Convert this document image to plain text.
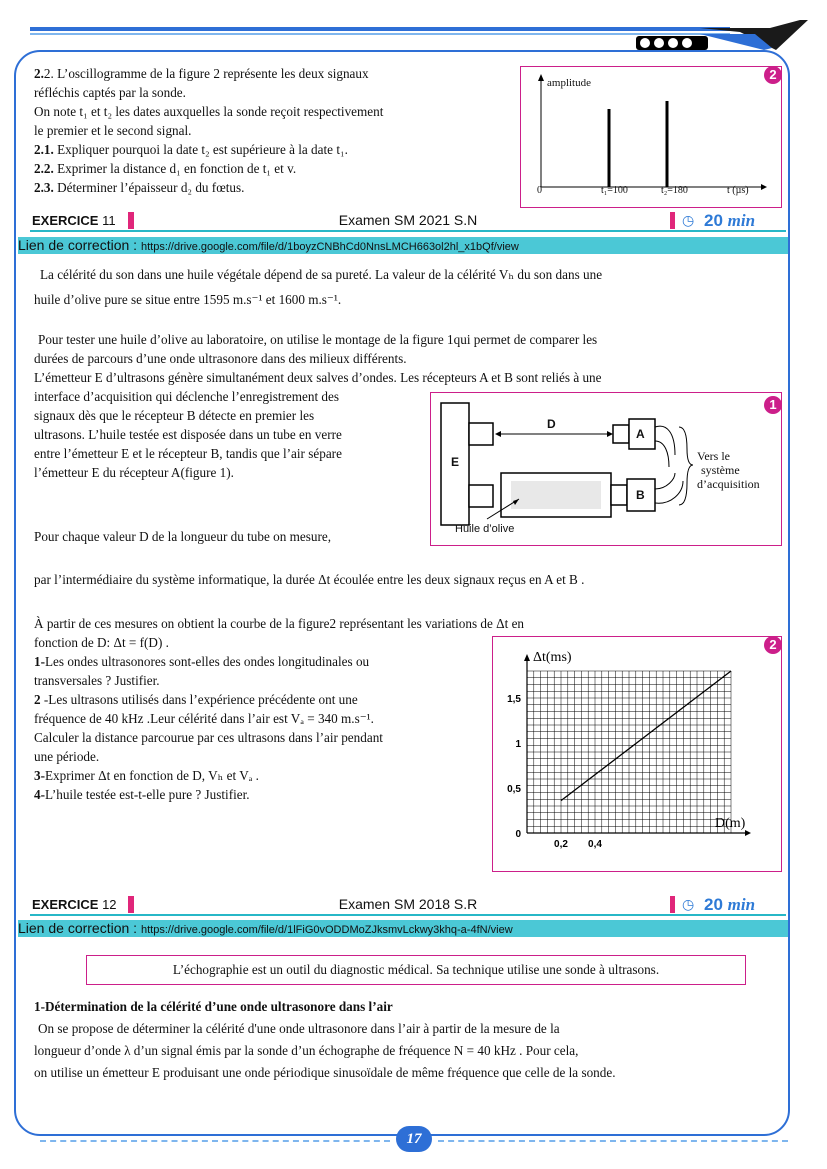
2.2. L’oscillogramme de la figure 2 représente les deux signaux

réfléchis captés par la sonde.

On note t₁ et t₂ les dates auxquelles la sonde reçoit respectivement

le premier et le second signal.

2.1. Expliquer pourquoi la date t₂ est supérieure à la date t₁.

2.2. Exprimer la distance d₁ en fonction de t₁ et v.

2.3. Déterminer l’épaisseur d₂ du fœtus.

amplitude
0	t₁=100	t₂=180	t (µs)
2
EXERCICE 11	Examen SM 2021 S.N	◷ 20 min
Lien de correction : https://drive.google.com/file/d/1boyzCNBhCd0NnsLMCH663ol2hl_x1bQf/view

La célérité du son dans une huile végétale dépend de sa pureté. La valeur de la célérité Vₕ du son dans une

huile d’olive pure se situe entre 1595 m.s⁻¹ et 1600 m.s⁻¹.

Pour tester une huile d’olive au laboratoire, on utilise le montage de la figure 1qui permet de comparer les

durées de parcours d’une onde ultrasonore dans des milieux différents.

L’émetteur E d’ultrasons génère simultanément deux salves d’ondes. Les récepteurs A et B sont reliés à une

interface d’acquisition qui déclenche l’enregistrement des

signaux dès que le récepteur B détecte en premier les

ultrasons. L’huile testée est disposée dans un tube en verre

entre l’émetteur E et le récepteur B, tandis que l’air sépare

l’émetteur E du récepteur A(figure 1).

Pour chaque valeur D de la longueur du tube on mesure,
E
A
B
D
Huile d’olive
Vers le
système
d’acquisition
1
par l’intermédiaire du système informatique, la durée Δt écoulée entre les deux signaux reçus en A et B .

À partir de ces mesures on obtient la courbe de la figure2 représentant les variations de Δt en

fonction de D: Δt = f(D) .

1-Les ondes ultrasonores sont-elles des ondes longitudinales ou

transversales ? Justifier.

2 -Les ultrasons utilisés dans l’expérience précédente ont une

fréquence de 40 kHz .Leur célérité dans l’air est Vₐ = 340 m.s⁻¹.

Calculer la distance parcourue par ces ultrasons dans l’air pendant

une période.

3-Exprimer Δt en fonction de D, Vₕ et Vₐ .

4-L’huile testée est-t-elle pure ? Justifier.

Δt(ms)
D(m)
1,5
1
0,5
0
0,2 0,4
2
EXERCICE 12	Examen SM 2018 S.R	◷ 20 min
Lien de correction : https://drive.google.com/file/d/1lFiG0vODDMoZJksmvLckwy3khq-a-4fN/view
L’échographie est un outil du diagnostic médical. Sa technique utilise une sonde à ultrasons.

1-Détermination de la célérité d’une onde ultrasonore dans l’air

On se propose de déterminer la célérité d'une onde ultrasonore dans l’air à partir de la mesure de la

longueur d’onde λ d’un signal émis par la sonde d’un échographe de fréquence N = 40 kHz . Pour cela,

on utilise un émetteur E produisant une onde périodique sinusoïdale de même fréquence que celle de la sonde.

17
